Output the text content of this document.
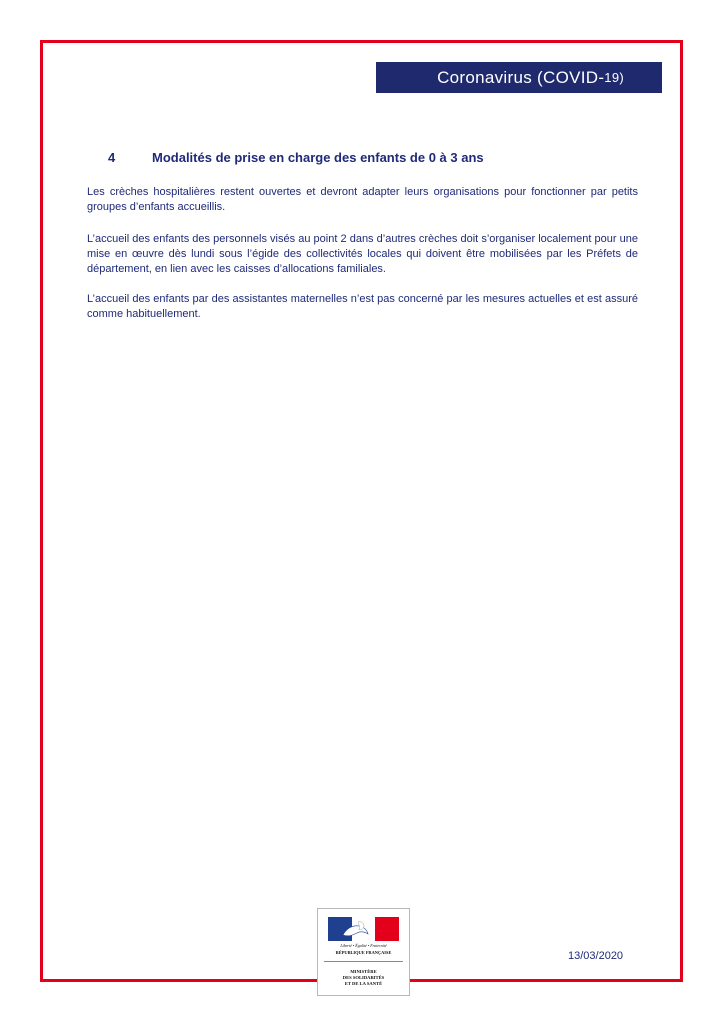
Coronavirus (COVID- 19)
4	Modalités de prise en charge des enfants de 0 à 3 ans

Les crèches hospitalières restent ouvertes et devront adapter leurs organisations pour fonctionner par petits groupes d’enfants accueillis.

L’accueil des enfants des personnels visés au point 2 dans d’autres crèches doit s’organiser localement pour une mise en œuvre dès lundi sous l’égide des collectivités locales qui doivent être mobilisées par les Préfets de département, en lien avec les caisses d’allocations familiales.

L’accueil des enfants par des assistantes maternelles n’est pas concerné par les mesures actuelles et est assuré comme habituellement.

Liberté • Égalité • Fraternité
RÉPUBLIQUE FRANÇAISE
MINISTÈRE
DES SOLIDARITÉS
ET DE LA SANTÉ
13/03/2020
